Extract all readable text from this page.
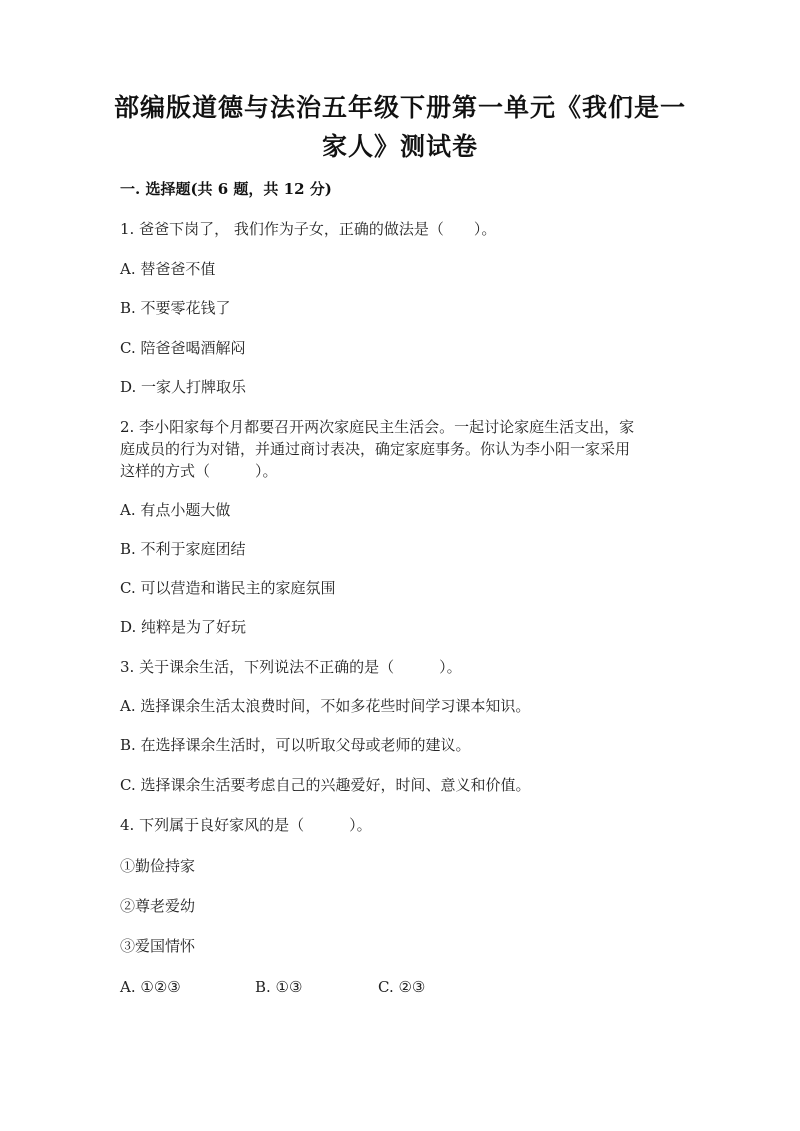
部编版道德与法治五年级下册第一单元《我们是一
家人》测试卷
一. 选择题(共 6 题，共 12 分)
1. 爸爸下岗了， 我们作为子女，正确的做法是（　　）。
A. 替爸爸不值
B. 不要零花钱了
C. 陪爸爸喝酒解闷
D. 一家人打牌取乐
2. 李小阳家每个月都要召开两次家庭民主生活会。一起讨论家庭生活支出，家
庭成员的行为对错，并通过商讨表决，确定家庭事务。你认为李小阳一家采用
这样的方式（　　　）。
A. 有点小题大做
B. 不利于家庭团结
C. 可以营造和谐民主的家庭氛围
D. 纯粹是为了好玩
3. 关于课余生活，下列说法不正确的是（　　　）。
A. 选择课余生活太浪费时间，不如多花些时间学习课本知识。
B. 在选择课余生活时，可以听取父母或老师的建议。
C. 选择课余生活要考虑自己的兴趣爱好，时间、意义和价值。
4. 下列属于良好家风的是（　　　）。
①勤俭持家
②尊老爱幼
③爱国情怀
A. ①②③	B. ①③	C. ②③
